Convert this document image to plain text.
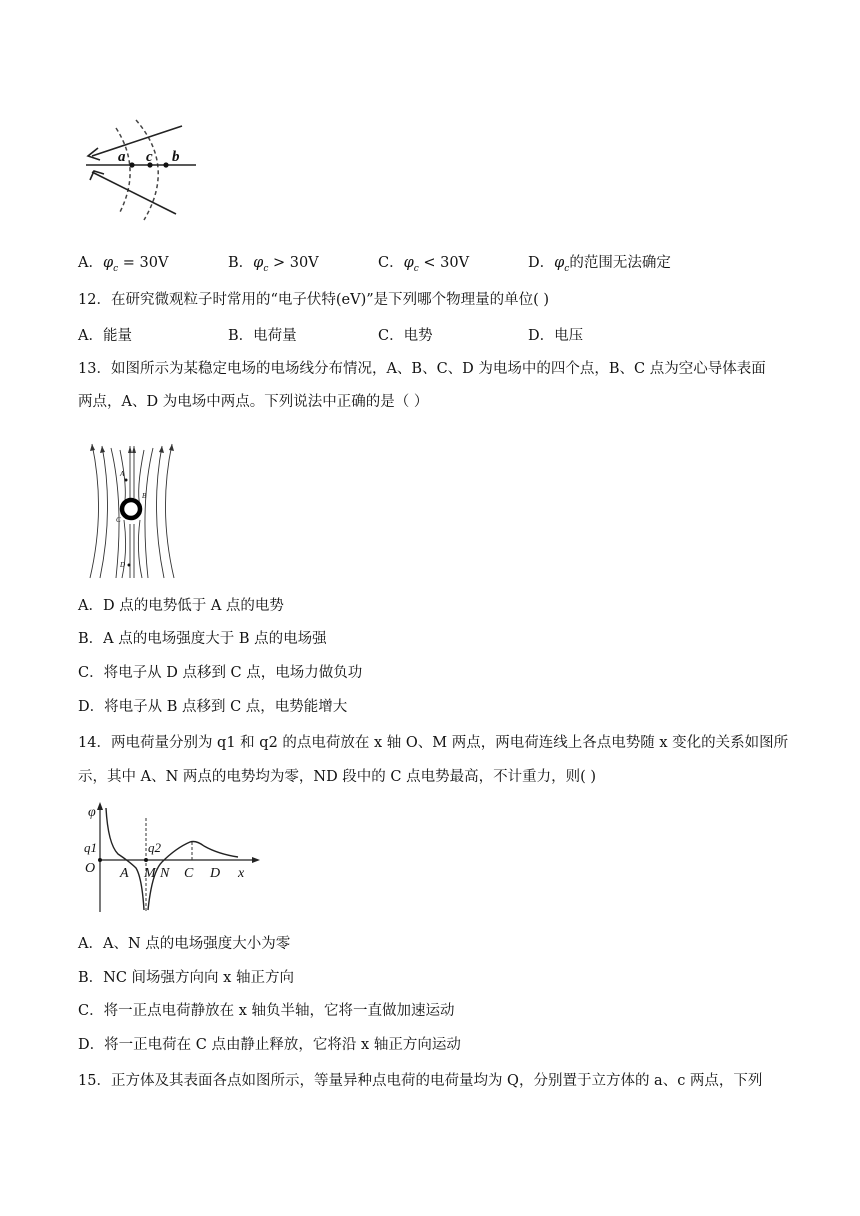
a c b
A．$\varphi_c = 30V$	B．$\varphi_c > 30V$	C．$\varphi_c < 30V$	D．$\varphi_c$的范围无法确定
12．在研究微观粒子时常用的“电子伏特(eV)”是下列哪个物理量的单位( )
A．能量	B．电荷量	C．电势	D．电压
13．如图所示为某稳定电场的电场线分布情况，A、B、C、D 为电场中的四个点，B、C 点为空心导体表面
两点，A、D 为电场中两点。下列说法中正确的是（ ）
A
B
C
D
A．D 点的电势低于 A 点的电势
B．A 点的电场强度大于 B 点的电场强
C．将电子从 D 点移到 C 点，电场力做负功
D．将电子从 B 点移到 C 点，电势能增大
14．两电荷量分别为 q1 和 q2 的点电荷放在 x 轴 O、M 两点，两电荷连线上各点电势随 x 变化的关系如图所
示，其中 A、N 两点的电势均为零，ND 段中的 C 点电势最高，不计重力，则( )
φ
q1
O A M N C D x
q2
A．A、N 点的电场强度大小为零
B．NC 间场强方向向 x 轴正方向
C．将一正点电荷静放在 x 轴负半轴，它将一直做加速运动
D．将一正电荷在 C 点由静止释放，它将沿 x 轴正方向运动
15．正方体及其表面各点如图所示，等量异种点电荷的电荷量均为 Q，分别置于立方体的 a、c 两点，下列
